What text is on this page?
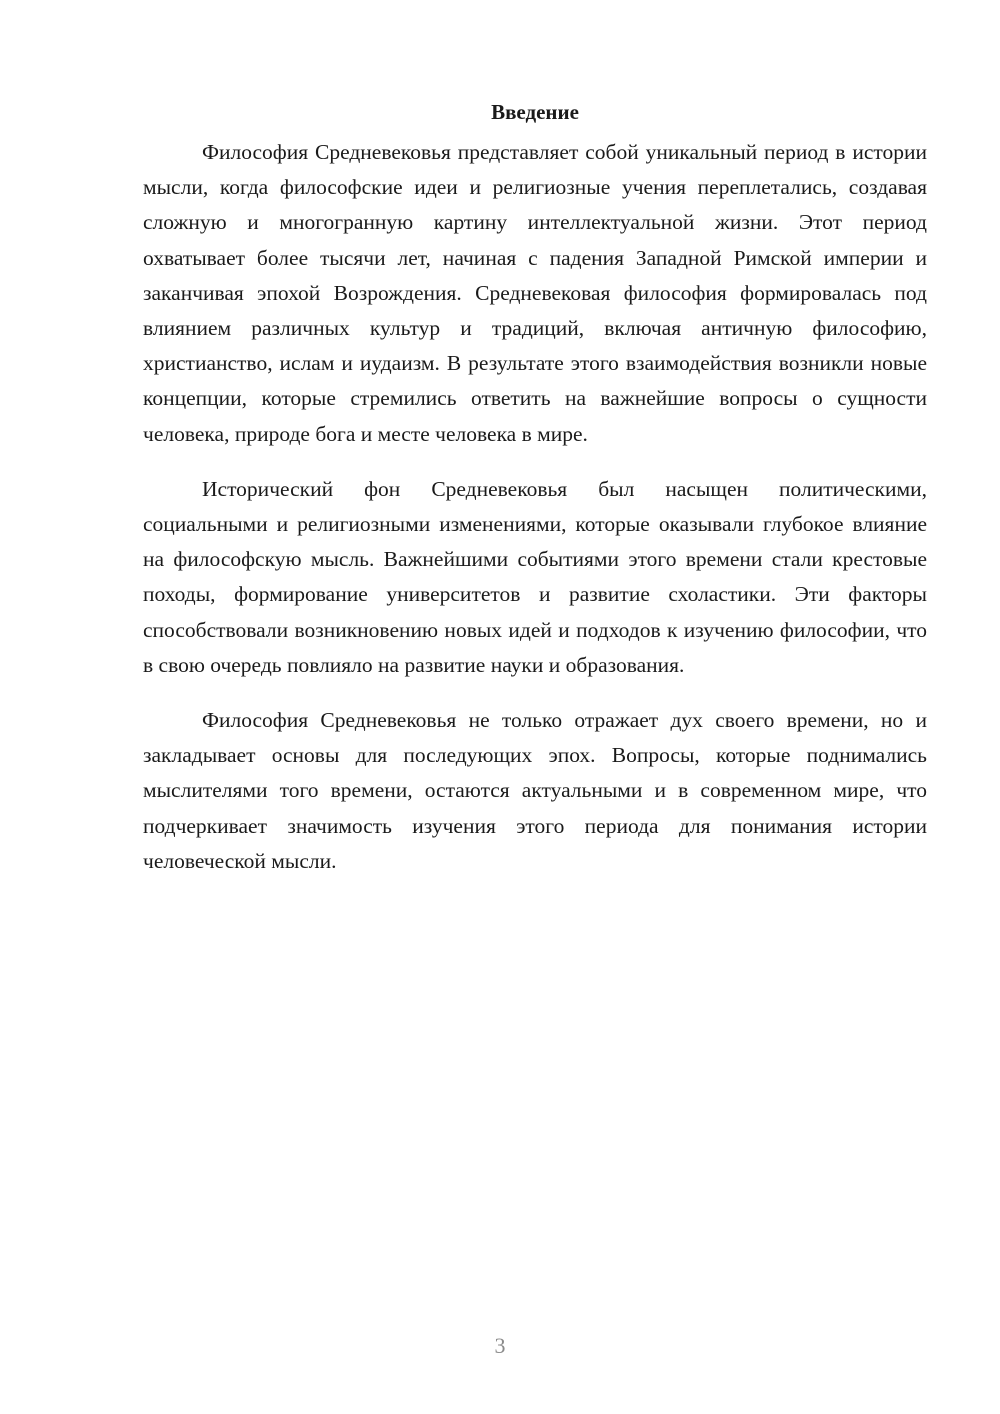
Введение

Философия Средневековья представляет собой уникальный период в истории мысли, когда философские идеи и религиозные учения переплетались, создавая сложную и многогранную картину интеллектуальной жизни. Этот период охватывает более тысячи лет, начиная с падения Западной Римской империи и заканчивая эпохой Возрождения. Средневековая философия формировалась под влиянием различных культур и традиций, включая античную философию, христианство, ислам и иудаизм. В результате этого взаимодействия возникли новые концепции, которые стремились ответить на важнейшие вопросы о сущности человека, природе бога и месте человека в мире.

Исторический фон Средневековья был насыщен политическими, социальными и религиозными изменениями, которые оказывали глубокое влияние на философскую мысль. Важнейшими событиями этого времени стали крестовые походы, формирование университетов и развитие схоластики. Эти факторы способствовали возникновению новых идей и подходов к изучению философии, что в свою очередь повлияло на развитие науки и образования.

Философия Средневековья не только отражает дух своего времени, но и закладывает основы для последующих эпох. Вопросы, которые поднимались мыслителями того времени, остаются актуальными и в современном мире, что подчеркивает значимость изучения этого периода для понимания истории человеческой мысли.

3
